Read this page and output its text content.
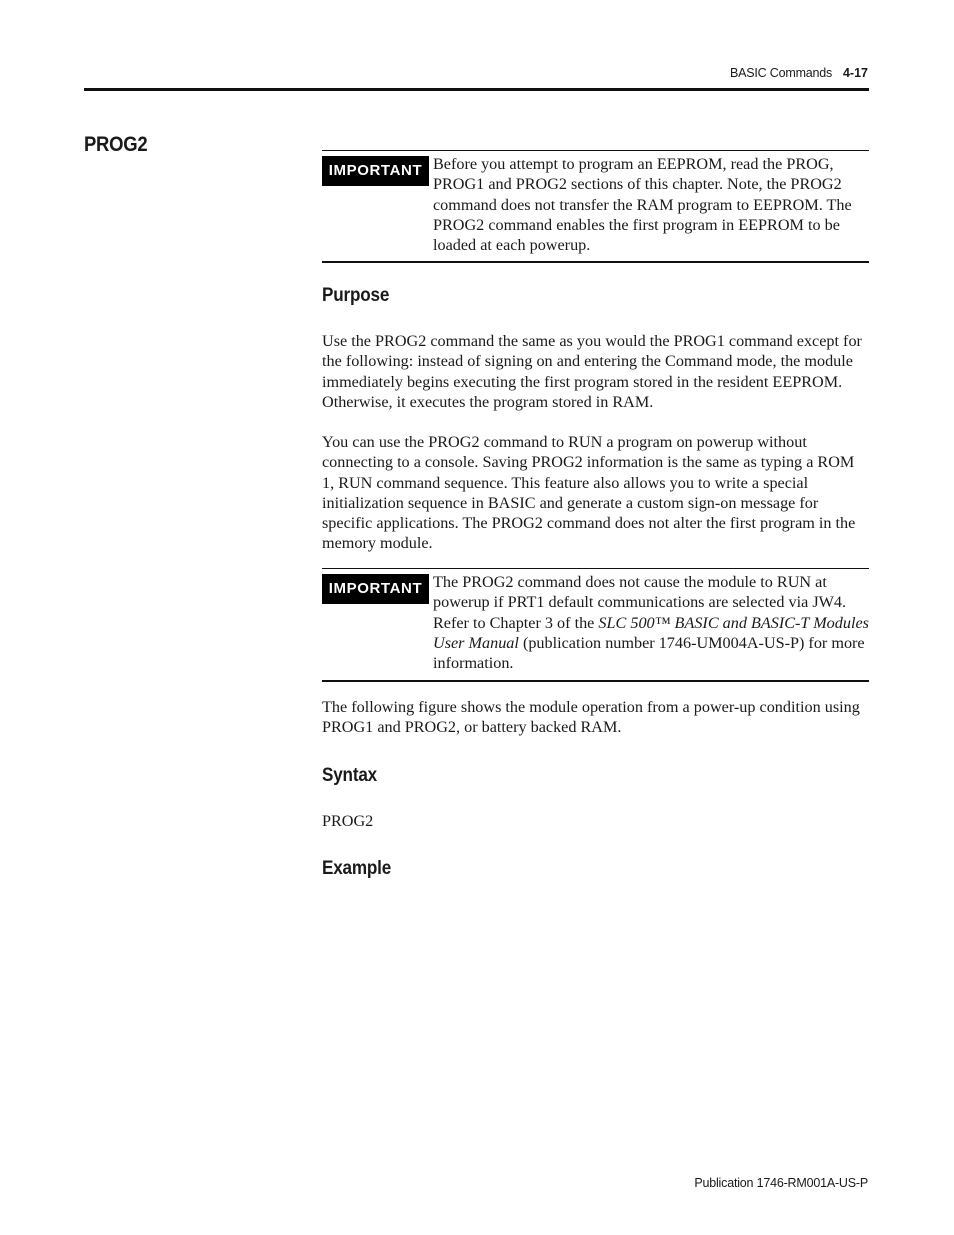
BASIC Commands 4-17
PROG2
IMPORTANT Before you attempt to program an EEPROM, read the PROG, PROG1 and PROG2 sections of this chapter. Note, the PROG2 command does not transfer the RAM program to EEPROM. The PROG2 command enables the first program in EEPROM to be loaded at each powerup.
Purpose

Use the PROG2 command the same as you would the PROG1 command except for the following: instead of signing on and entering the Command mode, the module immediately begins executing the first program stored in the resident EEPROM. Otherwise, it executes the program stored in RAM.

You can use the PROG2 command to RUN a program on powerup without connecting to a console. Saving PROG2 information is the same as typing a ROM 1, RUN command sequence. This feature also allows you to write a special initialization sequence in BASIC and generate a custom sign-on message for specific applications. The PROG2 command does not alter the first program in the memory module.

IMPORTANT The PROG2 command does not cause the module to RUN at powerup if PRT1 default communications are selected via JW4. Refer to Chapter 3 of the SLC 500™ BASIC and BASIC-T Modules User Manual (publication number 1746-UM004A-US-P) for more information.

The following figure shows the module operation from a power-up condition using PROG1 and PROG2, or battery backed RAM.

Syntax

PROG2

Example
Publication 1746-RM001A-US-P
